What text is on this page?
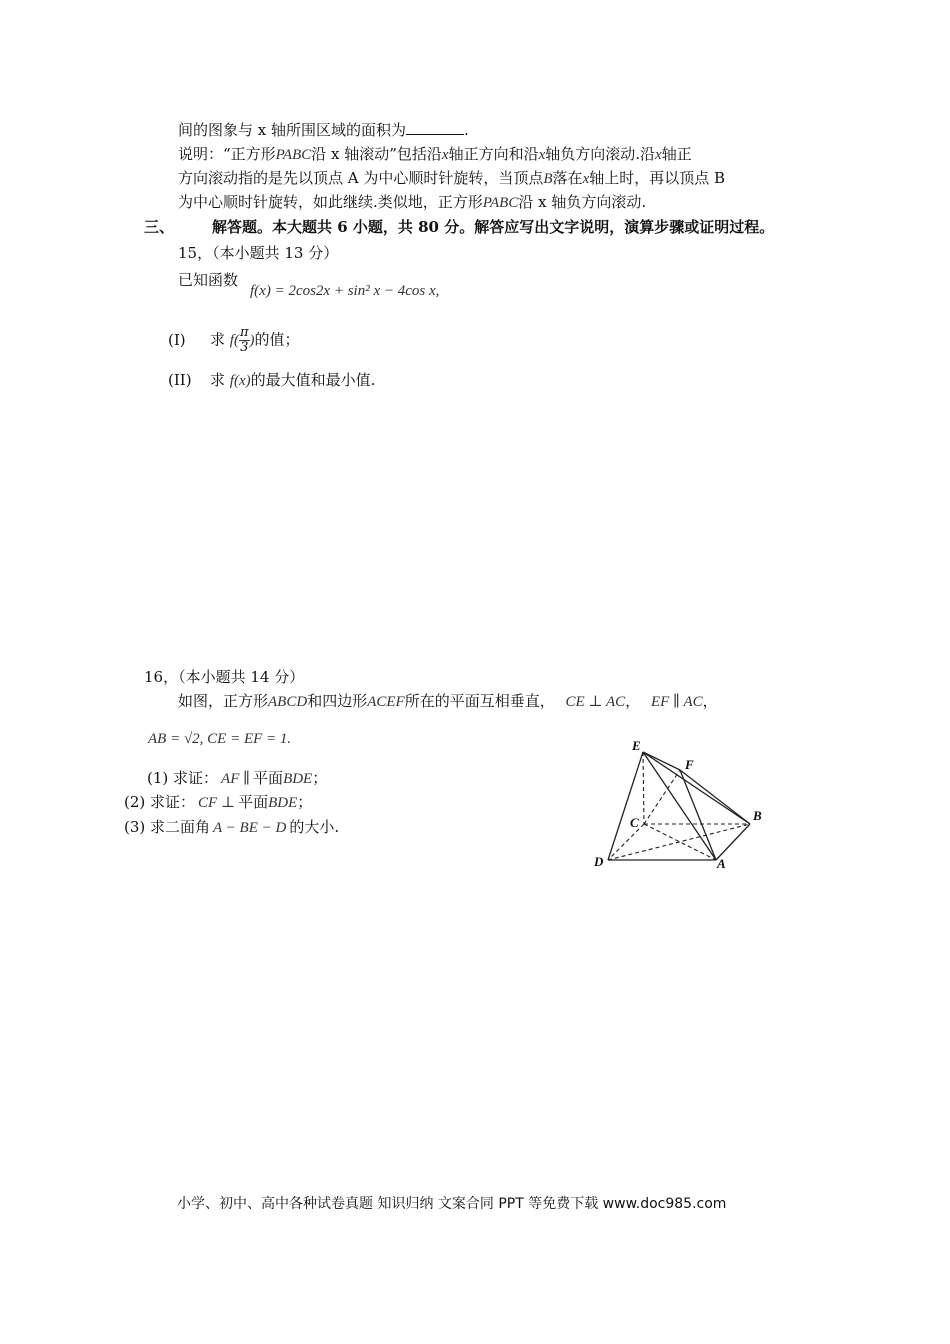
间的图象与 x 轴所围区域的面积为	.
说明：“正方形PABC沿 x 轴滚动”包括沿x轴正方向和沿x轴负方向滚动.沿x轴正
方向滚动指的是先以顶点 A 为中心顺时针旋转，当顶点B落在x轴上时，再以顶点 B
为中心顺时针旋转，如此继续.类似地，正方形PABC沿 x 轴负方向滚动.
三、	解答题。本大题共 6 小题，共 80 分。解答应写出文字说明，演算步骤或证明过程。
15，（本小题共 13 分）
已知函数
f(x) = 2cos2x + sin² x − 4cos x,
(I) 求 $f( \frac{\pi}{3}$ )的值；
(II) 求 f(x)的最大值和最小值.
16，（本小题共 14 分）
如图，正方形ABCD和四边形ACEF所在的平面互相垂直， CE ⊥ AC， EF ∥ AC，
AB = √2, CE = EF = 1.
(1) 求证： AF ∥ 平面BDE；
(2) 求证： CF ⊥ 平面BDE；
(3) 求二面角 A − BE − D 的大小.
E
F
B
C
D	A
小学、初中、高中各种试卷真题 知识归纳 文案合同 PPT 等免费下载 www.doc985.com
